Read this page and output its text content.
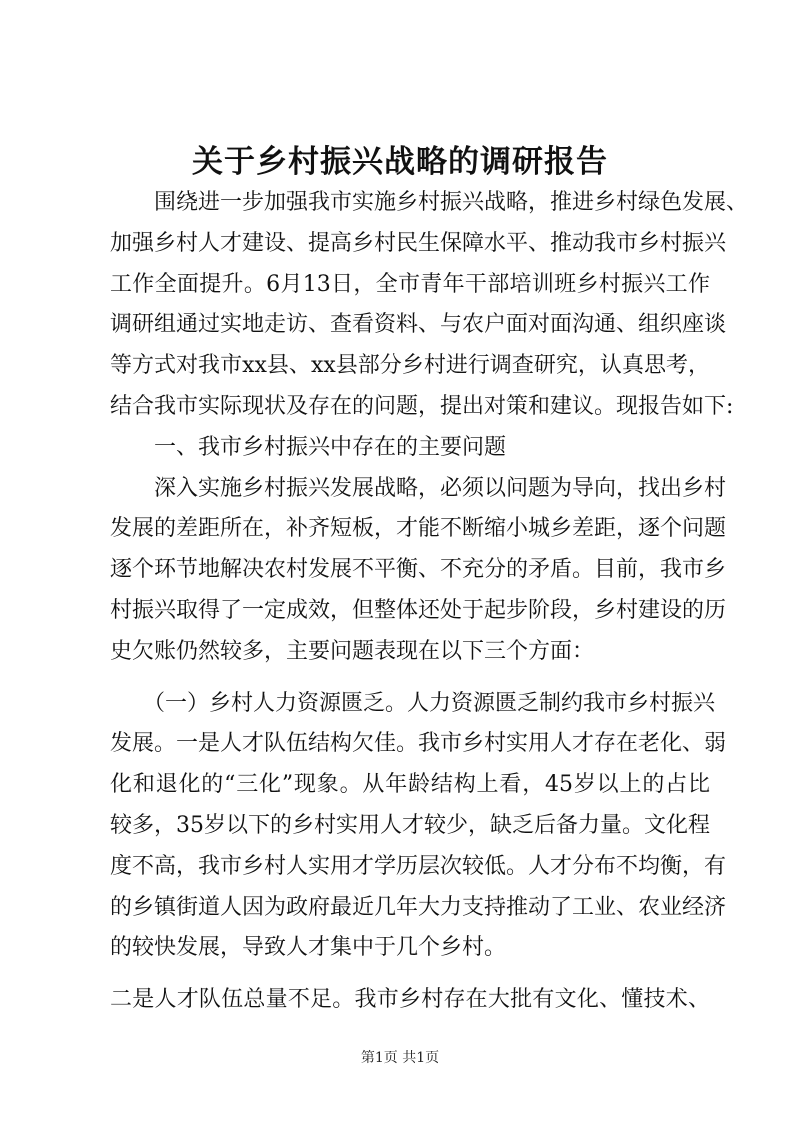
关于乡村振兴战略的调研报告
　　围绕进一步加强我市实施乡村振兴战略，推进乡村绿色发展、
加强乡村人才建设、提高乡村民生保障水平、推动我市乡村振兴
工作全面提升。6月13日，全市青年干部培训班乡村振兴工作
调研组通过实地走访、查看资料、与农户面对面沟通、组织座谈
等方式对我市xx县、xx县部分乡村进行调查研究，认真思考，
结合我市实际现状及存在的问题，提出对策和建议。现报告如下:
　　一、我市乡村振兴中存在的主要问题
　　深入实施乡村振兴发展战略，必须以问题为导向，找出乡村
发展的差距所在，补齐短板，才能不断缩小城乡差距，逐个问题
逐个环节地解决农村发展不平衡、不充分的矛盾。目前，我市乡
村振兴取得了一定成效，但整体还处于起步阶段，乡村建设的历
史欠账仍然较多，主要问题表现在以下三个方面：
　　（一）乡村人力资源匮乏。人力资源匮乏制约我市乡村振兴
发展。一是人才队伍结构欠佳。我市乡村实用人才存在老化、弱
化和退化的“三化”现象。从年龄结构上看，45岁以上的占比
较多，35岁以下的乡村实用人才较少，缺乏后备力量。文化程
度不高，我市乡村人实用才学历层次较低。人才分布不均衡，有
的乡镇街道人因为政府最近几年大力支持推动了工业、农业经济
的较快发展，导致人才集中于几个乡村。
二是人才队伍总量不足。我市乡村存在大批有文化、懂技术、
第1页 共1页
